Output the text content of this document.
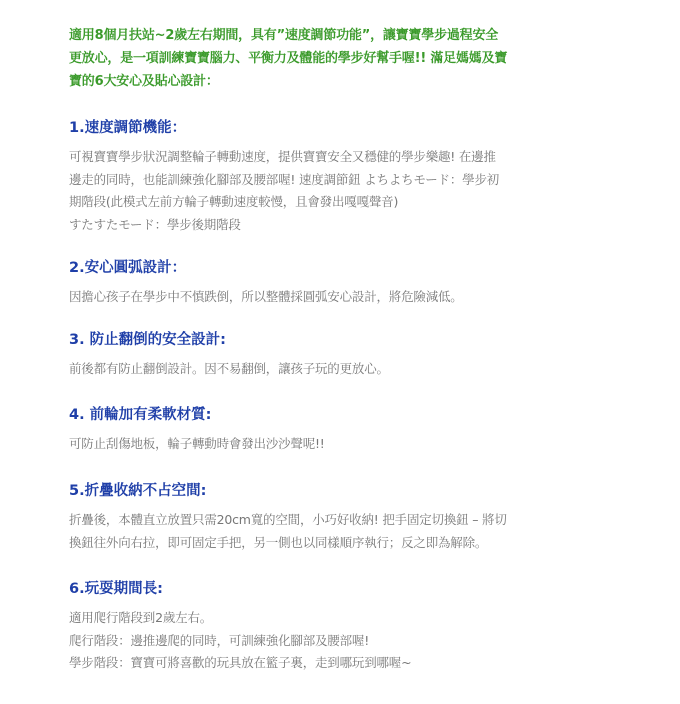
適用8個月扶站~2歲左右期間，具有”速度調節功能”，讓寶寶學步過程安全
更放心，是一項訓練寶寶腦力、平衡力及體能的學步好幫手喔!! 滿足媽媽及寶
寶的6大安心及貼心設計：
1.速度調節機能：
可視寶寶學步狀況調整輪子轉動速度，提供寶寶安全又穩健的學步樂趣! 在邊推
邊走的同時，也能訓練強化腳部及腰部喔! 速度調節鈕 よちよちモード：學步初
期階段(此模式左前方輪子轉動速度較慢，且會發出嘎嘎聲音)
すたすたモード：學步後期階段
2.安心圓弧設計：
因擔心孩子在學步中不慎跌倒，所以整體採圓弧安心設計，將危險減低。
3. 防止翻倒的安全設計:
前後都有防止翻倒設計。因不易翻倒，讓孩子玩的更放心。
4. 前輪加有柔軟材質:
可防止刮傷地板，輪子轉動時會發出沙沙聲呢!!
5.折疊收納不占空間:
折疊後，本體直立放置只需20cm寬的空間，小巧好收納! 把手固定切換鈕 – 將切
換鈕往外向右拉，即可固定手把，另一側也以同樣順序執行；反之即為解除。
6.玩耍期間長:
適用爬行階段到2歲左右。
爬行階段：邊推邊爬的同時，可訓練強化腳部及腰部喔!
學步階段：寶寶可將喜歡的玩具放在籃子裏，走到哪玩到哪喔~
